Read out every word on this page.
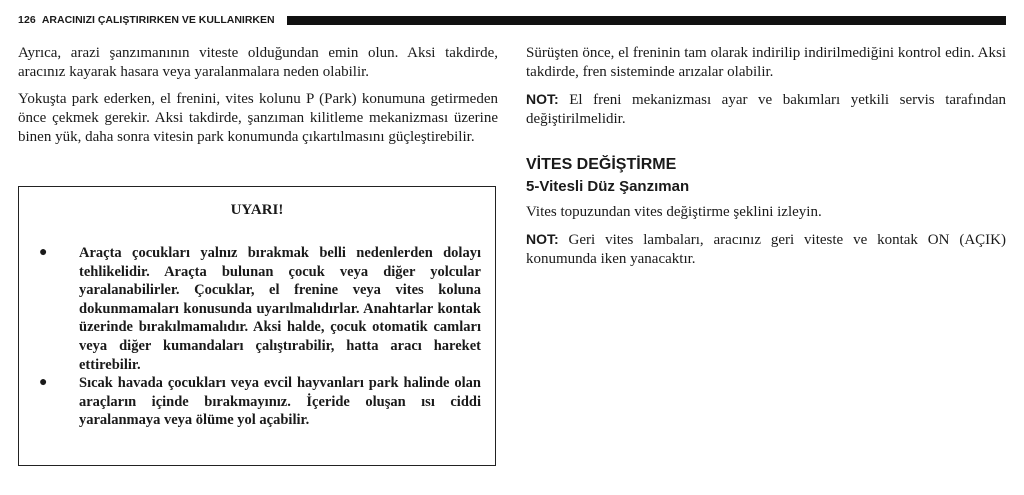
126 ARACINIZI ÇALIŞTIRIRKEN VE KULLANIRKEN

Ayrıca, arazi şanzımanının viteste olduğundan emin olun. Aksi takdirde, aracınız kayarak hasara veya yaralanmalara neden olabilir.

Yokuşta park ederken, el frenini, vites kolunu P (Park) konumuna getirmeden önce çekmek gerekir. Aksi takdirde, şanzıman kilitleme mekanizması üzerine binen yük, daha sonra vitesin park konumunda çıkartılmasını güçleştirebilir.

UYARI!
● Araçta çocukları yalnız bırakmak belli nedenlerden dolayı tehlikelidir. Araçta bulunan çocuk veya diğer yolcular yaralanabilirler. Çocuklar, el frenine veya vites koluna dokunmamaları konusunda uyarılmalıdırlar. Anahtarlar kontak üzerinde bırakılmamalıdır. Aksi halde, çocuk otomatik camları veya diğer kumandaları çalıştırabilir, hatta aracı hareket ettirebilir.
● Sıcak havada çocukları veya evcil hayvanları park halinde olan araçların içinde bırakmayınız. İçeride oluşan ısı ciddi yaralanmaya veya ölüme yol açabilir.

Sürüşten önce, el freninin tam olarak indirilip indirilmediğini kontrol edin. Aksi takdirde, fren sisteminde arızalar olabilir.

NOT: El freni mekanizması ayar ve bakımları yetkili servis tarafından değiştirilmelidir.

VİTES DEĞİŞTİRME
5-Vitesli Düz Şanzıman

Vites topuzundan vites değiştirme şeklini izleyin.

NOT: Geri vites lambaları, aracınız geri viteste ve kontak ON (AÇIK) konumunda iken yanacaktır.
